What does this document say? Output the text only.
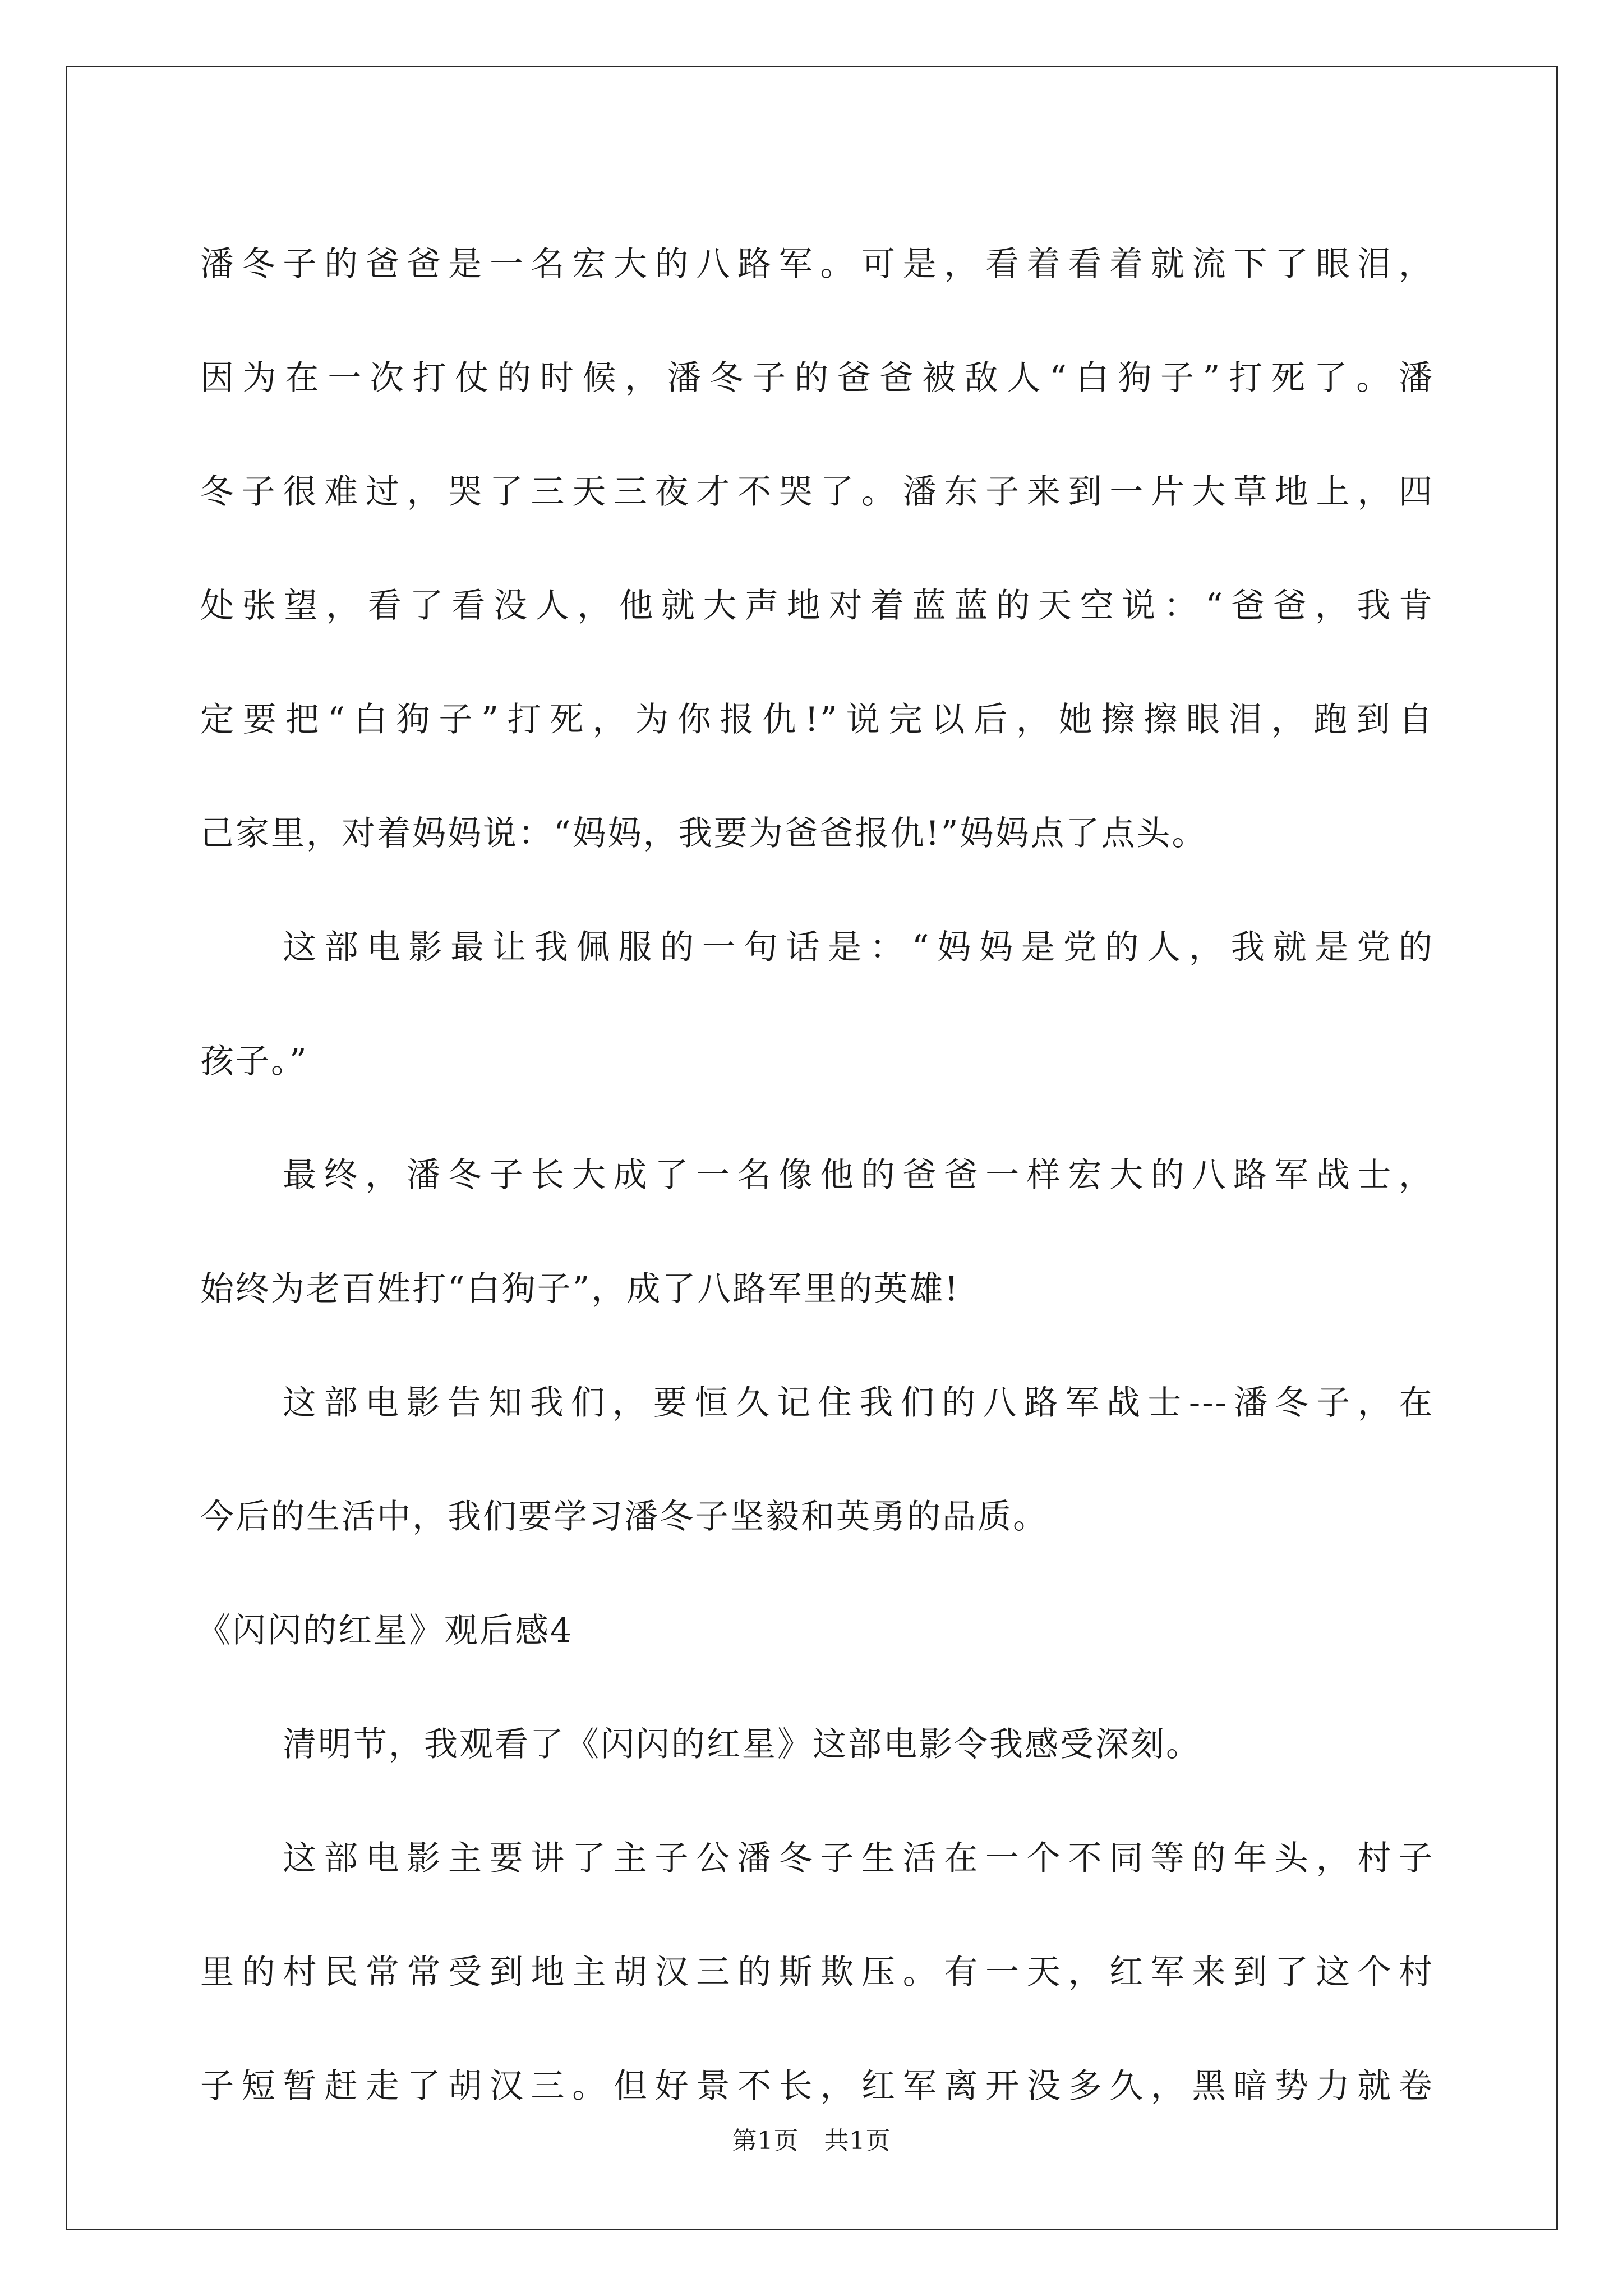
潘冬子的爸爸是一名宏大的八路军。可是，看着看着就流下了眼泪，
因为在一次打仗的时候，潘冬子的爸爸被敌人“白狗子”打死了。潘
冬子很难过，哭了三天三夜才不哭了。潘东子来到一片大草地上，四
处张望，看了看没人，他就大声地对着蓝蓝的天空说：“爸爸，我肯
定要把“白狗子”打死，为你报仇!”说完以后，她擦擦眼泪，跑到自
己家里，对着妈妈说：“妈妈，我要为爸爸报仇!”妈妈点了点头。
这部电影最让我佩服的一句话是：“妈妈是党的人，我就是党的
孩子。”
最终，潘冬子长大成了一名像他的爸爸一样宏大的八路军战士，
始终为老百姓打“白狗子”，成了八路军里的英雄!
这部电影告知我们，要恒久记住我们的八路军战士---潘冬子，在
今后的生活中，我们要学习潘冬子坚毅和英勇的品质。
《闪闪的红星》观后感4
清明节，我观看了《闪闪的红星》这部电影令我感受深刻。
这部电影主要讲了主子公潘冬子生活在一个不同等的年头，村子
里的村民常常受到地主胡汉三的斯欺压。有一天，红军来到了这个村
子短暂赶走了胡汉三。但好景不长，红军离开没多久，黑暗势力就卷
第1页 共1页
